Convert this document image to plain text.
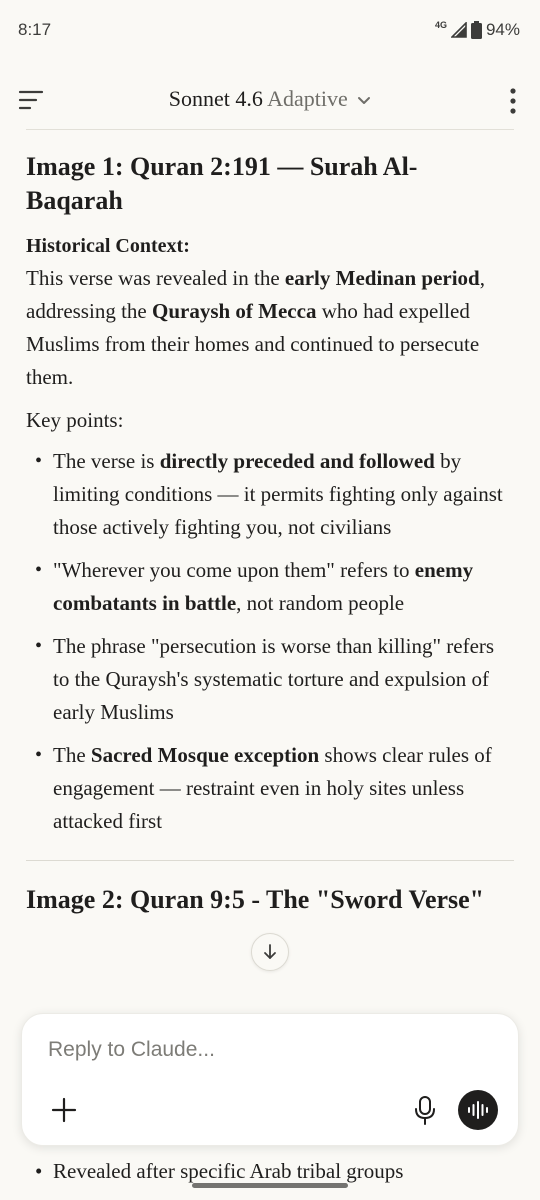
8:17	4G 94%
Sonnet 4.6 Adaptive
Image 1: Quran 2:191 — Surah Al-Baqarah
Historical Context:

This verse was revealed in the early Medinan period, addressing the Quraysh of Mecca who had expelled Muslims from their homes and continued to persecute them.

Key points:

• The verse is directly preceded and followed by limiting conditions — it permits fighting only against those actively fighting you, not civilians
• "Wherever you come upon them" refers to enemy combatants in battle, not random people
• The phrase "persecution is worse than killing" refers to the Quraysh's systematic torture and expulsion of early Muslims
• The Sacred Mosque exception shows clear rules of engagement — restraint even in holy sites unless attacked first
Image 2: Quran 9:5 - The "Sword Verse"
• Revealed after specific Arab tribal groups
Reply to Claude...
